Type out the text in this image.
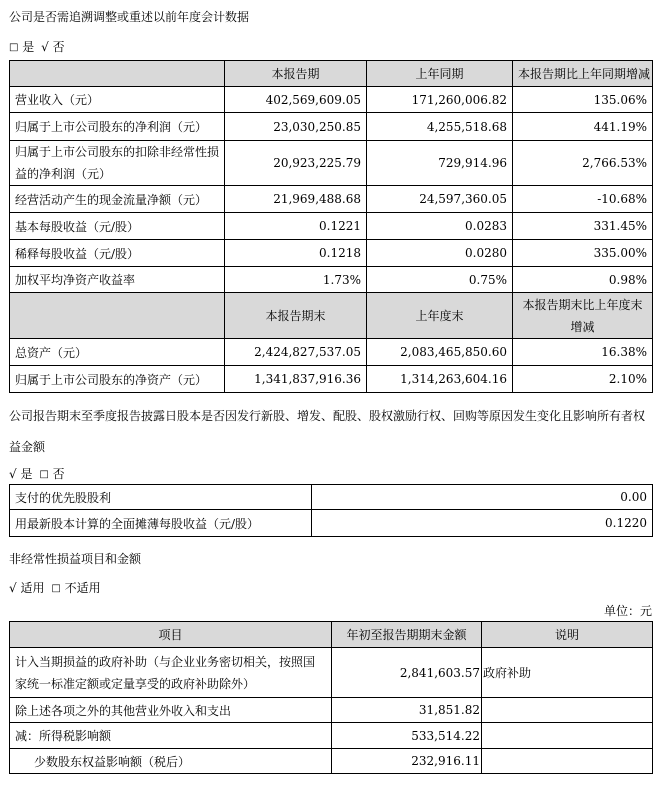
公司是否需追溯调整或重述以前年度会计数据
□ 是 √ 否
	本报告期	上年同期	本报告期比上年同期增减
营业收入（元）	402,569,609.05	171,260,006.82	135.06%
归属于上市公司股东的净利润（元）	23,030,250.85	4,255,518.68	441.19%
归属于上市公司股东的扣除非经常性损益的净利润（元）	20,923,225.79	729,914.96	2,766.53%
经营活动产生的现金流量净额（元）	21,969,488.68	24,597,360.05	-10.68%
基本每股收益（元/股）	0.1221	0.0283	331.45%
稀释每股收益（元/股）	0.1218	0.0280	335.00%
加权平均净资产收益率	1.73%	0.75%	0.98%
	本报告期末	上年度末	本报告期末比上年度末增减
总资产（元）	2,424,827,537.05	2,083,465,850.60	16.38%
归属于上市公司股东的净资产（元）	1,341,837,916.36	1,314,263,604.16	2.10%
公司报告期末至季度报告披露日股本是否因发行新股、增发、配股、股权激励行权、回购等原因发生变化且影响所有者权益金额
√ 是 □ 否
支付的优先股股利	0.00
用最新股本计算的全面摊薄每股收益（元/股）	0.1220
非经常性损益项目和金额
√ 适用 □ 不适用
单位：元
项目	年初至报告期期末金额	说明
计入当期损益的政府补助（与企业业务密切相关，按照国家统一标准定额或定量享受的政府补助除外）	2,841,603.57	政府补助
除上述各项之外的其他营业外收入和支出	31,851.82	
减：所得税影响额	533,514.22	
少数股东权益影响额（税后）	232,916.11	
